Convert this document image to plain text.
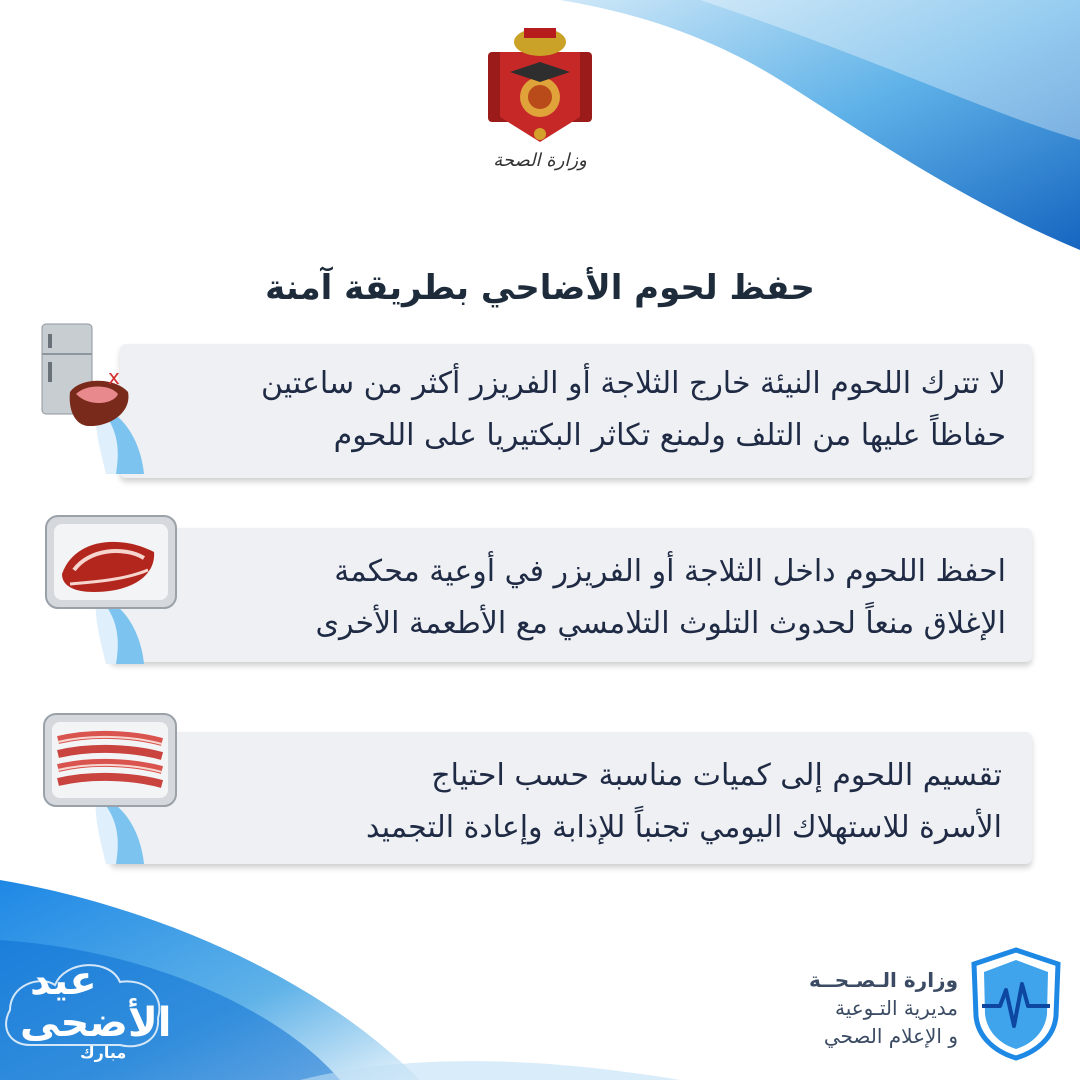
وزارة الصحة
حفظ لحوم الأضاحي بطريقة آمنة
لا تترك اللحوم النيئة خارج الثلاجة أو الفريزر أكثر من ساعتين
حفاظاً عليها من التلف ولمنع تكاثر البكتيريا على اللحوم
x
احفظ اللحوم داخل الثلاجة أو الفريزر في أوعية محكمة
الإغلاق منعاً لحدوث التلوث التلامسي مع الأطعمة الأخرى
تقسيم اللحوم إلى كميات مناسبة حسب احتياج
الأسرة للاستهلاك اليومي تجنباً للإذابة وإعادة التجميد
عيد
الأضحى
مبارك
وزارة الـصـحــة
مديرية التـوعية
و الإعلام الصحي
